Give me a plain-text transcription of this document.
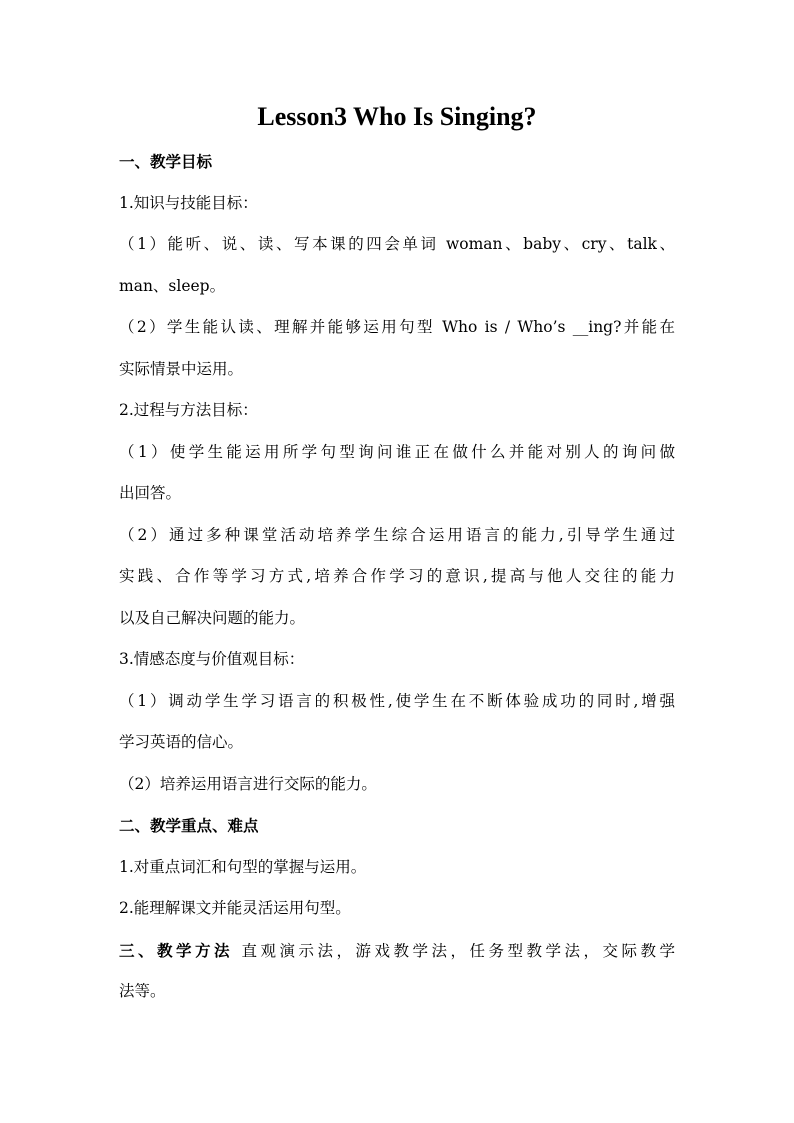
Lesson3 Who Is Singing?

一、教学目标

1.知识与技能目标：

（1）能听、说、读、写本课的四会单词 woman、baby、cry、talk、

man、sleep。

（2）学生能认读、理解并能够运用句型 Who is / Who’s __ing?并能在

实际情景中运用。

2.过程与方法目标：

（1）使学生能运用所学句型询问谁正在做什么并能对别人的询问做

出回答。

（2）通过多种课堂活动培养学生综合运用语言的能力,引导学生通过

实践、合作等学习方式,培养合作学习的意识,提高与他人交往的能力

以及自己解决问题的能力。

3.情感态度与价值观目标：

（1）调动学生学习语言的积极性,使学生在不断体验成功的同时,增强

学习英语的信心。

（2）培养运用语言进行交际的能力。

二、教学重点、难点

1.对重点词汇和句型的掌握与运用。

2.能理解课文并能灵活运用句型。

三、教学方法 直观演示法，游戏教学法，任务型教学法，交际教学

法等。
